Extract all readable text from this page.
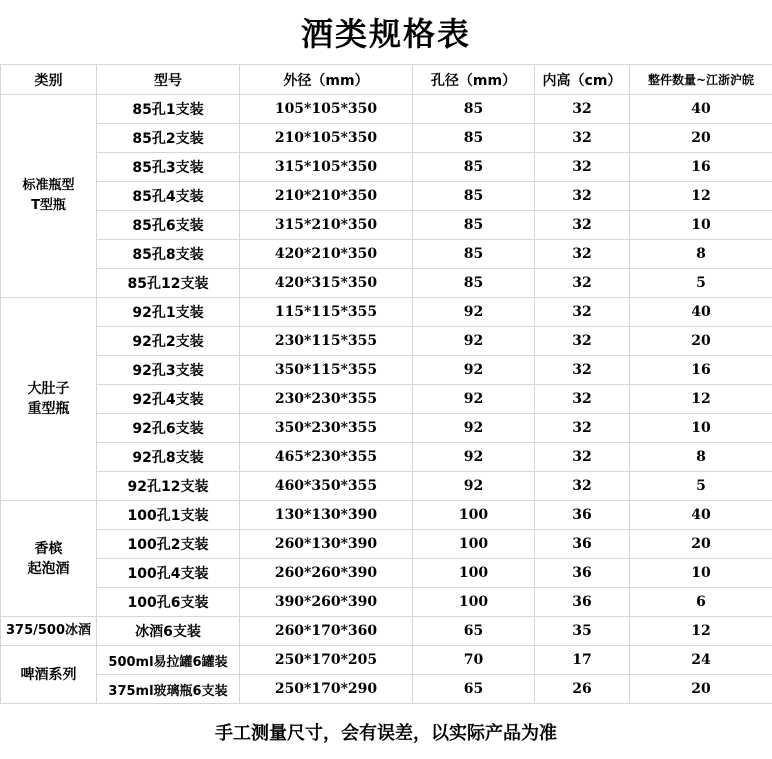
酒类规格表
类别	型号	外径（mm）	孔径（mm）	内高（cm）	整件数量~江浙沪皖

标准瓶型
T型瓶	85孔1支装	105*105*350	85	32	40
	85孔2支装	210*105*350	85	32	20
	85孔3支装	315*105*350	85	32	16
	85孔4支装	210*210*350	85	32	12
	85孔6支装	315*210*350	85	32	10
	85孔8支装	420*210*350	85	32	8
	85孔12支装	420*315*350	85	32	5

大肚子
重型瓶	92孔1支装	115*115*355	92	32	40
	92孔2支装	230*115*355	92	32	20
	92孔3支装	350*115*355	92	32	16
	92孔4支装	230*230*355	92	32	12
	92孔6支装	350*230*355	92	32	10
	92孔8支装	465*230*355	92	32	8
	92孔12支装	460*350*355	92	32	5

香槟
起泡酒	100孔1支装	130*130*390	100	36	40
	100孔2支装	260*130*390	100	36	20
	100孔4支装	260*260*390	100	36	10
	100孔6支装	390*260*390	100	36	6

375/500冰酒	冰酒6支装	260*170*360	65	35	12

啤酒系列	500ml易拉罐6罐装	250*170*205	70	17	24
	375ml玻璃瓶6支装	250*170*290	65	26	20
手工测量尺寸，会有误差，以实际产品为准
